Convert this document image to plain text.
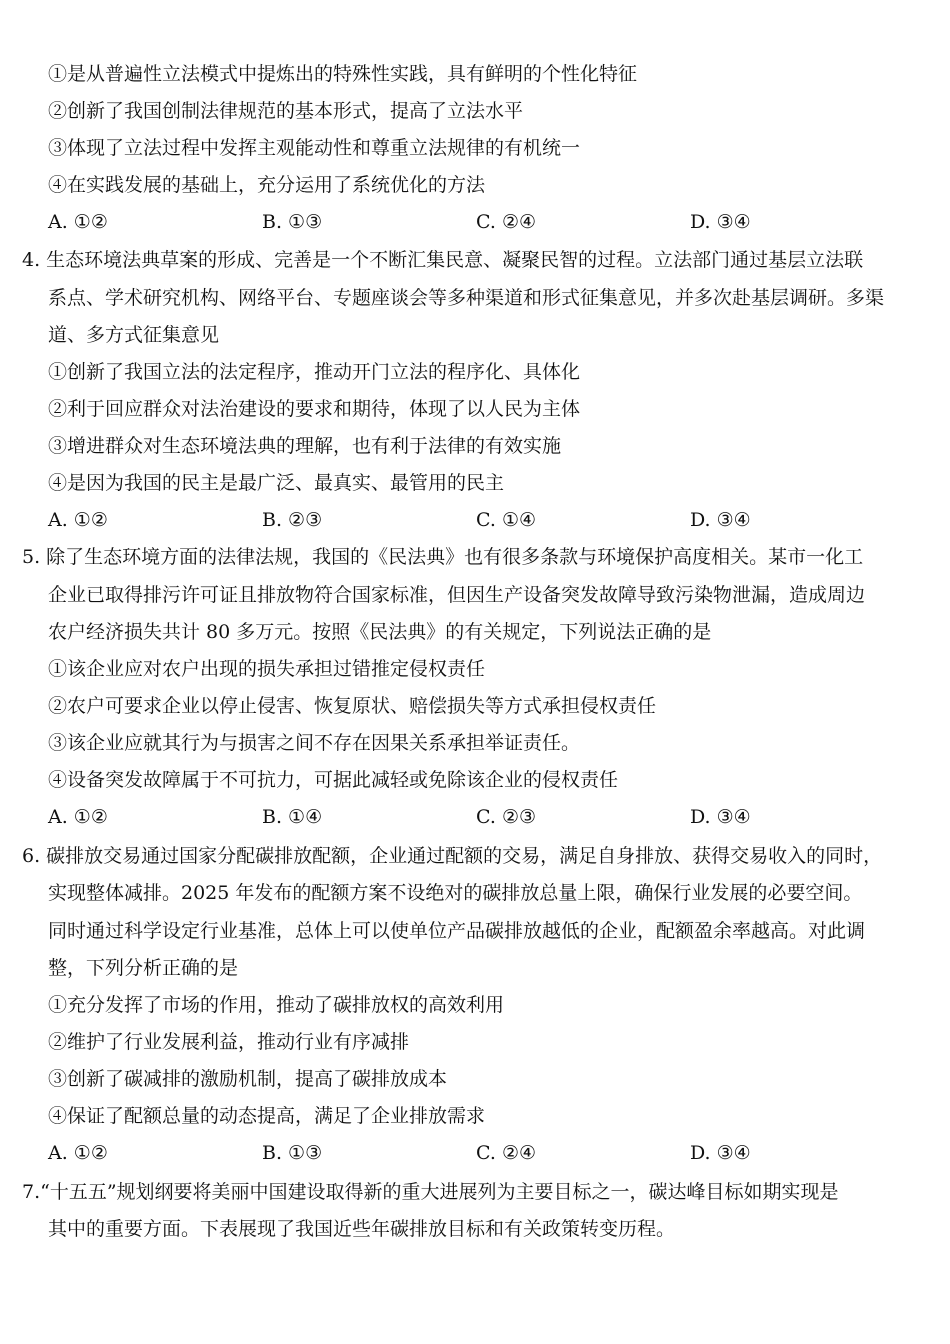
①是从普遍性立法模式中提炼出的特殊性实践，具有鲜明的个性化特征
②创新了我国创制法律规范的基本形式，提高了立法水平
③体现了立法过程中发挥主观能动性和尊重立法规律的有机统一
④在实践发展的基础上，充分运用了系统优化的方法
A. ①②	B. ①③	C. ②④	D. ③④
4. 生态环境法典草案的形成、完善是一个不断汇集民意、凝聚民智的过程。立法部门通过基层立法联
系点、学术研究机构、网络平台、专题座谈会等多种渠道和形式征集意见，并多次赴基层调研。多渠
道、多方式征集意见
①创新了我国立法的法定程序，推动开门立法的程序化、具体化
②利于回应群众对法治建设的要求和期待，体现了以人民为主体
③增进群众对生态环境法典的理解，也有利于法律的有效实施
④是因为我国的民主是最广泛、最真实、最管用的民主
A. ①②	B. ②③	C. ①④	D. ③④
5. 除了生态环境方面的法律法规，我国的《民法典》也有很多条款与环境保护高度相关。某市一化工
企业已取得排污许可证且排放物符合国家标准，但因生产设备突发故障导致污染物泄漏，造成周边
农户经济损失共计 80 多万元。按照《民法典》的有关规定，下列说法正确的是
①该企业应对农户出现的损失承担过错推定侵权责任
②农户可要求企业以停止侵害、恢复原状、赔偿损失等方式承担侵权责任
③该企业应就其行为与损害之间不存在因果关系承担举证责任。
④设备突发故障属于不可抗力，可据此减轻或免除该企业的侵权责任
A. ①②	B. ①④	C. ②③	D. ③④
6. 碳排放交易通过国家分配碳排放配额，企业通过配额的交易，满足自身排放、获得交易收入的同时，
实现整体减排。2025 年发布的配额方案不设绝对的碳排放总量上限，确保行业发展的必要空间。
同时通过科学设定行业基准，总体上可以使单位产品碳排放越低的企业，配额盈余率越高。对此调
整，下列分析正确的是
①充分发挥了市场的作用，推动了碳排放权的高效利用
②维护了行业发展利益，推动行业有序减排
③创新了碳减排的激励机制，提高了碳排放成本
④保证了配额总量的动态提高，满足了企业排放需求
A. ①②	B. ①③	C. ②④	D. ③④
7.“十五五”规划纲要将美丽中国建设取得新的重大进展列为主要目标之一，碳达峰目标如期实现是
其中的重要方面。下表展现了我国近些年碳排放目标和有关政策转变历程。
